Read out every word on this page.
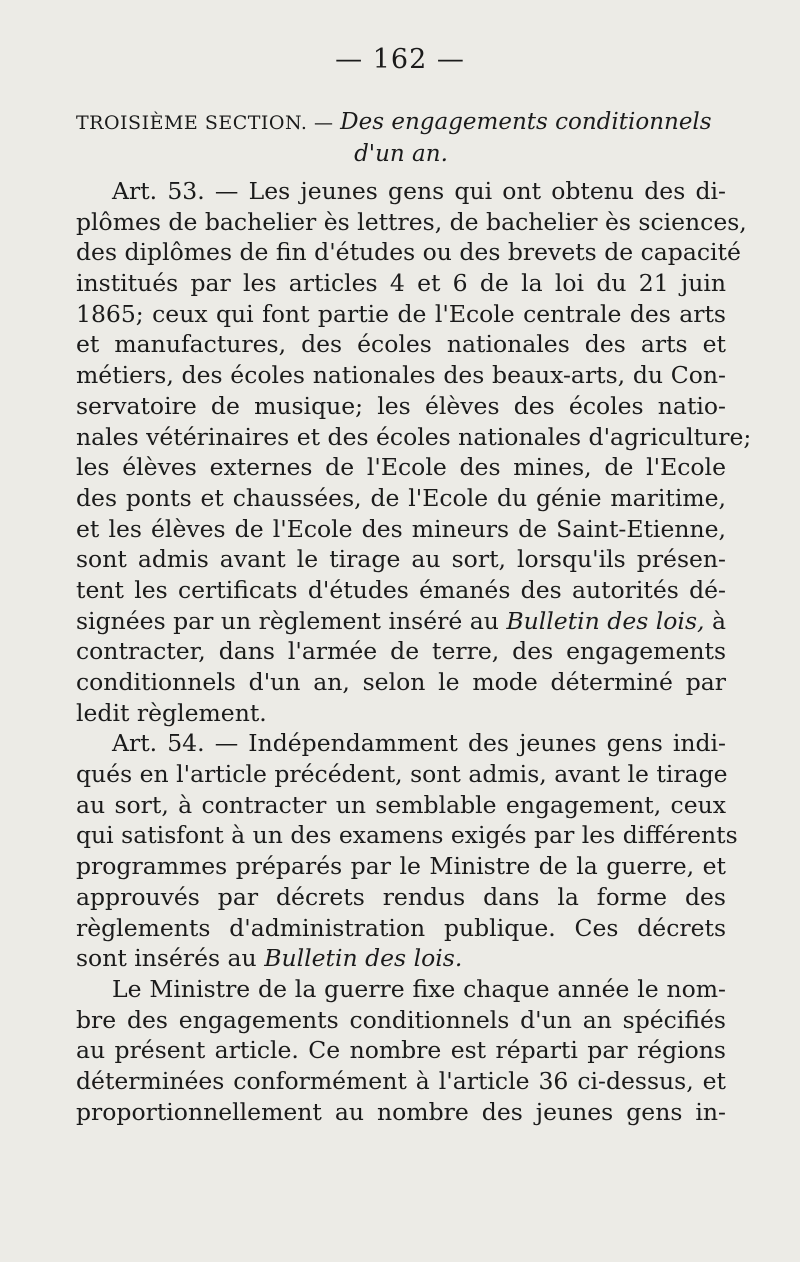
— 162 —
TROISIÈME SECTION. — Des engagements conditionnels
d'un an.
Art. 53. — Les jeunes gens qui ont obtenu des di-
plômes de bachelier ès lettres, de bachelier ès sciences,
des diplômes de fin d'études ou des brevets de capacité
institués par les articles 4 et 6 de la loi du 21 juin
1865; ceux qui font partie de l'Ecole centrale des arts
et manufactures, des écoles nationales des arts et
métiers, des écoles nationales des beaux-arts, du Con-
servatoire de musique; les élèves des écoles natio-
nales vétérinaires et des écoles nationales d'agriculture;
les élèves externes de l'Ecole des mines, de l'Ecole
des ponts et chaussées, de l'Ecole du génie maritime,
et les élèves de l'Ecole des mineurs de Saint-Etienne,
sont admis avant le tirage au sort, lorsqu'ils présen-
tent les certificats d'études émanés des autorités dé-
signées par un règlement inséré au Bulletin des lois, à
contracter, dans l'armée de terre, des engagements
conditionnels d'un an, selon le mode déterminé par
ledit règlement.
Art. 54. — Indépendamment des jeunes gens indi-
qués en l'article précédent, sont admis, avant le tirage
au sort, à contracter un semblable engagement, ceux
qui satisfont à un des examens exigés par les différents
programmes préparés par le Ministre de la guerre, et
approuvés par décrets rendus dans la forme des
règlements d'administration publique. Ces décrets
sont insérés au Bulletin des lois.
Le Ministre de la guerre fixe chaque année le nom-
bre des engagements conditionnels d'un an spécifiés
au présent article. Ce nombre est réparti par régions
déterminées conformément à l'article 36 ci-dessus, et
proportionnellement au nombre des jeunes gens in-
